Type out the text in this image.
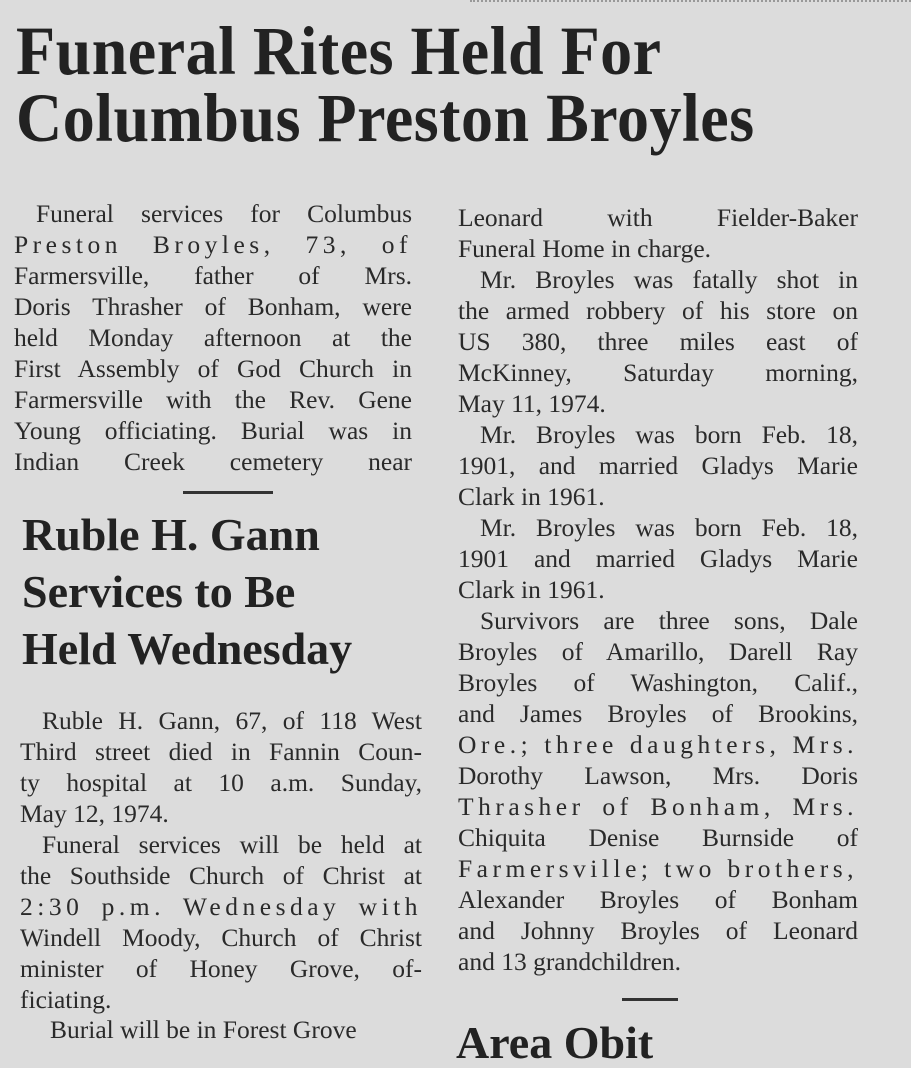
Funeral Rites Held For
Columbus Preston Broyles

Funeral services for Columbus

Preston Broyles, 73, of

Farmersville, father of Mrs.

Doris Thrasher of Bonham, were

held Monday afternoon at the

First Assembly of God Church in

Farmersville with the Rev. Gene

Young officiating. Burial was in

Indian Creek cemetery near

Ruble H. Gann
Services to Be
Held Wednesday

Ruble H. Gann, 67, of 118 West

Third street died in Fannin Coun-

ty hospital at 10 a.m. Sunday,

May 12, 1974.

Funeral services will be held at

the Southside Church of Christ at

2:30 p.m. Wednesday with

Windell Moody, Church of Christ

minister of Honey Grove, of-

ficiating.

Burial will be in Forest Grove

Leonard with Fielder-Baker

Funeral Home in charge.

Mr. Broyles was fatally shot in

the armed robbery of his store on

US 380, three miles east of

McKinney, Saturday morning,

May 11, 1974.

Mr. Broyles was born Feb. 18,

1901, and married Gladys Marie

Clark in 1961.

Mr. Broyles was born Feb. 18,

1901 and married Gladys Marie

Clark in 1961.

Survivors are three sons, Dale

Broyles of Amarillo, Darell Ray

Broyles of Washington, Calif.,

and James Broyles of Brookins,

Ore.; three daughters, Mrs.

Dorothy Lawson, Mrs. Doris

Thrasher of Bonham, Mrs.

Chiquita Denise Burnside of

Farmersville; two brothers,

Alexander Broyles of Bonham

and Johnny Broyles of Leonard

and 13 grandchildren.

Area Obit
